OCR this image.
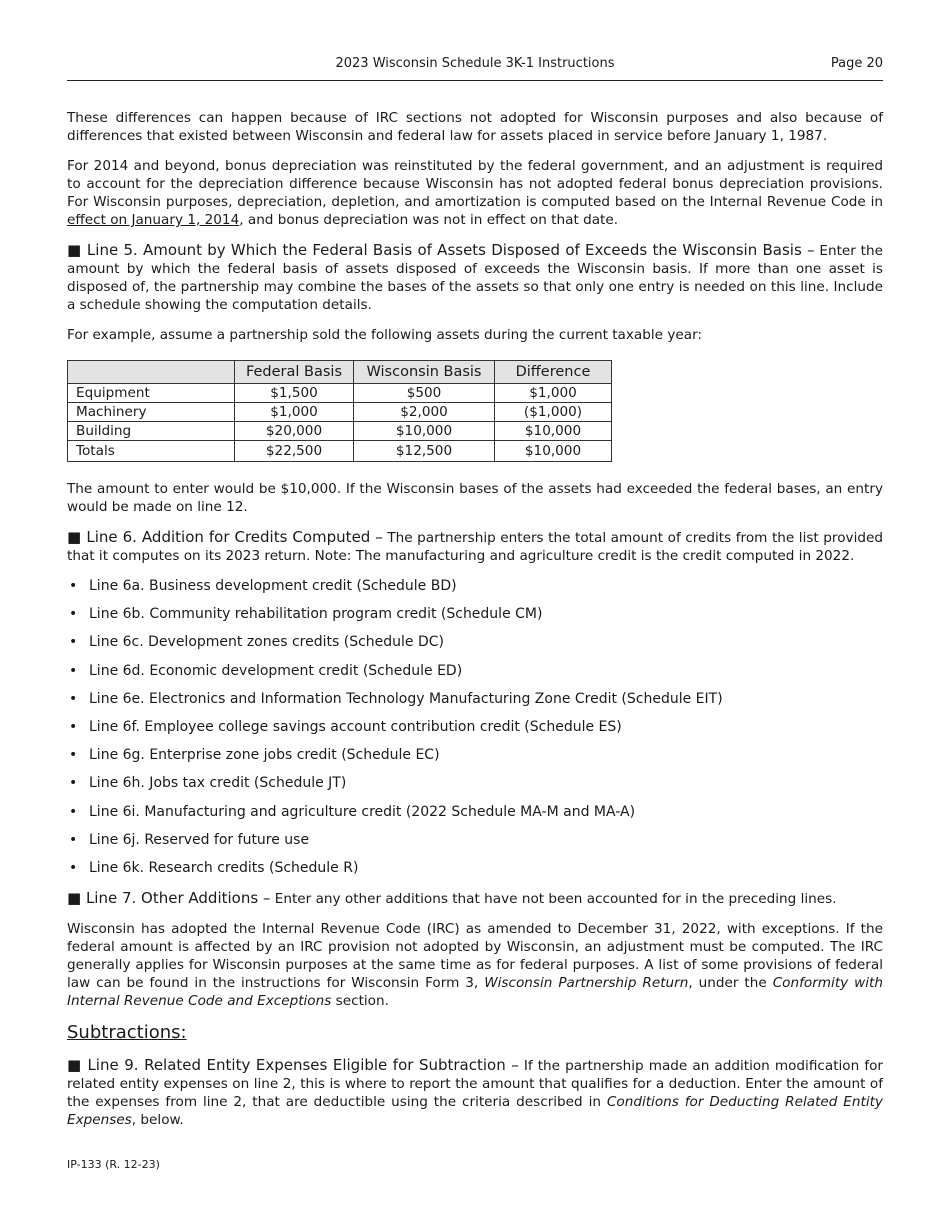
2023 Wisconsin Schedule 3K-1 Instructions	Page 20

These differences can happen because of IRC sections not adopted for Wisconsin purposes and also because of differences that existed between Wisconsin and federal law for assets placed in service before January 1, 1987.

For 2014 and beyond, bonus depreciation was reinstituted by the federal government, and an adjustment is required to account for the depreciation difference because Wisconsin has not adopted federal bonus depreciation provisions. For Wisconsin purposes, depreciation, depletion, and amortization is computed based on the Internal Revenue Code in effect on January 1, 2014, and bonus depreciation was not in effect on that date.

■ Line 5. Amount by Which the Federal Basis of Assets Disposed of Exceeds the Wisconsin Basis – Enter the amount by which the federal basis of assets disposed of exceeds the Wisconsin basis. If more than one asset is disposed of, the partnership may combine the bases of the assets so that only one entry is needed on this line. Include a schedule showing the computation details.

For example, assume a partnership sold the following assets during the current taxable year:

	Federal Basis	Wisconsin Basis	Difference
Equipment	$1,500	$500	$1,000
Machinery	$1,000	$2,000	($1,000)
Building	$20,000	$10,000	$10,000
Totals	$22,500	$12,500	$10,000

The amount to enter would be $10,000. If the Wisconsin bases of the assets had exceeded the federal bases, an entry would be made on line 12.

■ Line 6. Addition for Credits Computed – The partnership enters the total amount of credits from the list provided that it computes on its 2023 return. Note: The manufacturing and agriculture credit is the credit computed in 2022.

• Line 6a. Business development credit (Schedule BD)
• Line 6b. Community rehabilitation program credit (Schedule CM)
• Line 6c. Development zones credits (Schedule DC)
• Line 6d. Economic development credit (Schedule ED)
• Line 6e. Electronics and Information Technology Manufacturing Zone Credit (Schedule EIT)
• Line 6f. Employee college savings account contribution credit (Schedule ES)
• Line 6g. Enterprise zone jobs credit (Schedule EC)
• Line 6h. Jobs tax credit (Schedule JT)
• Line 6i. Manufacturing and agriculture credit (2022 Schedule MA-M and MA-A)
• Line 6j. Reserved for future use
• Line 6k. Research credits (Schedule R)

■ Line 7. Other Additions – Enter any other additions that have not been accounted for in the preceding lines.

Wisconsin has adopted the Internal Revenue Code (IRC) as amended to December 31, 2022, with exceptions. If the federal amount is affected by an IRC provision not adopted by Wisconsin, an adjustment must be computed. The IRC generally applies for Wisconsin purposes at the same time as for federal purposes. A list of some provisions of federal law can be found in the instructions for Wisconsin Form 3, Wisconsin Partnership Return, under the Conformity with Internal Revenue Code and Exceptions section.

Subtractions:

■ Line 9. Related Entity Expenses Eligible for Subtraction – If the partnership made an addition modification for related entity expenses on line 2, this is where to report the amount that qualifies for a deduction. Enter the amount of the expenses from line 2, that are deductible using the criteria described in Conditions for Deducting Related Entity Expenses, below.

IP-133 (R. 12-23)
